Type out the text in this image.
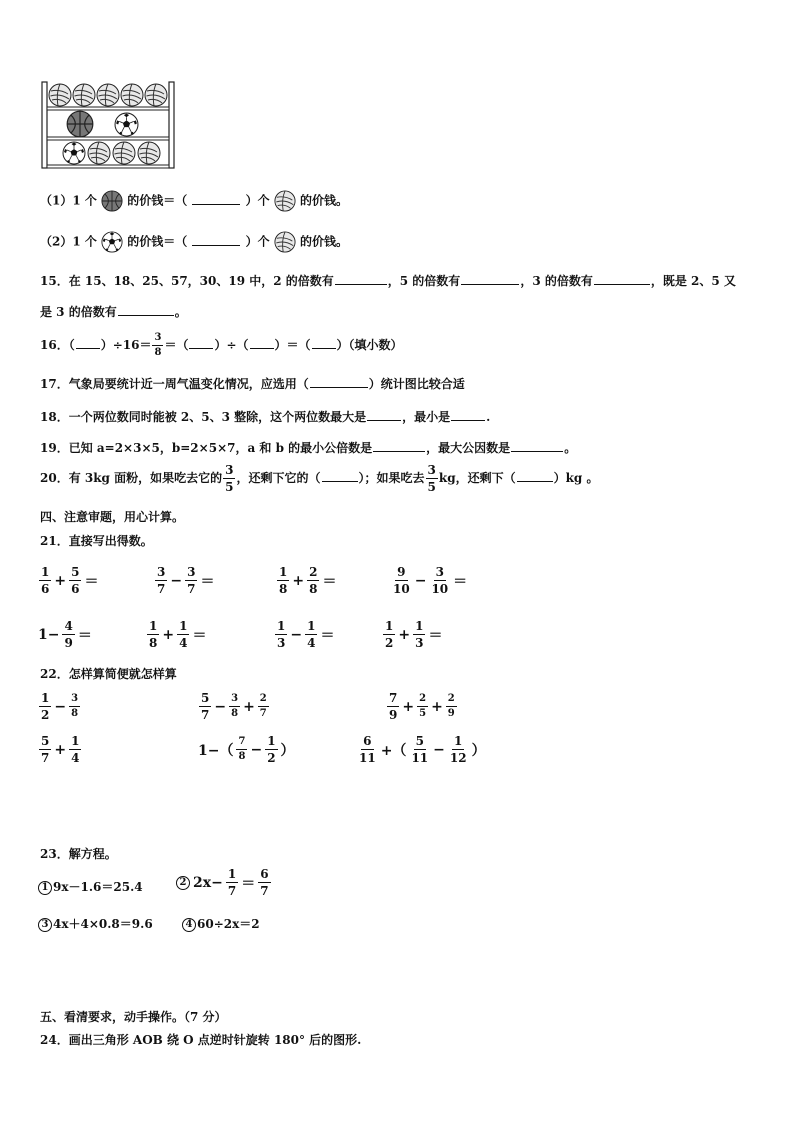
（1）1 个	的价钱＝（	）个	的价钱。
（2）1 个	的价钱＝（	）个	的价钱。
15．在 15、18、25、57，30、19 中，2 的倍数有	，5 的倍数有	，3 的倍数有	，既是 2、5 又
是 3 的倍数有	。
16．（ ）$\div 16= \frac{3}{8}$ ＝（ ）÷（ ）＝（ ）（填小数）
17．气象局要统计近一周气温变化情况，应选用（	）统计图比较合适
18．一个两位数同时能被 2、5、3 整除，这个两位数最大是	，最小是	.
19．已知 a=2×3×5，b=2×5×7，a 和 b 的最小公倍数是	，最大公因数是	。
20．有 3kg 面粉，如果吃去它的 $\frac{3}{5}$ ，还剩下它的（	）；如果吃去 $\frac{3}{5}$ kg，还剩下（	）kg 。
四、注意审题，用心计算。
21．直接写出得数。
$\frac{1}{6} + \frac{5}{6}$ ＝	$\frac{3}{7} - \frac{3}{7}$ ＝	$\frac{1}{8} + \frac{2}{8}$ ＝	$\frac{9}{10} - \frac{3}{10}$ ＝
$1- \frac{4}{9}$ ＝	$\frac{1}{8} + \frac{1}{4}$ ＝	$\frac{1}{3} - \frac{1}{4}$ ＝	$\frac{1}{2} + \frac{1}{3}$ ＝
22．怎样算简便就怎样算
$\frac{1}{2} - \frac{3}{8}$	$\frac{5}{7} - \frac{3}{8} + \frac{2}{7}$	$\frac{7}{9} + \frac{2}{5} + \frac{2}{9}$
$\frac{5}{7} + \frac{1}{4}$	$1-( \frac{7}{8} - \frac{1}{2}$ ）	$\frac{6}{11}$ +（ $\frac{5}{11} - \frac{1}{12}$ ）
23．解方程。
1 9x－1.6＝25.4	2 $2x- \frac{1}{7} = \frac{6}{7}$
3 4x＋4×0.8＝9.6	4 60÷2x＝2
五、看清要求，动手操作。（7 分）
24．画出三角形 AOB 绕 O 点逆时针旋转 180° 后的图形.
